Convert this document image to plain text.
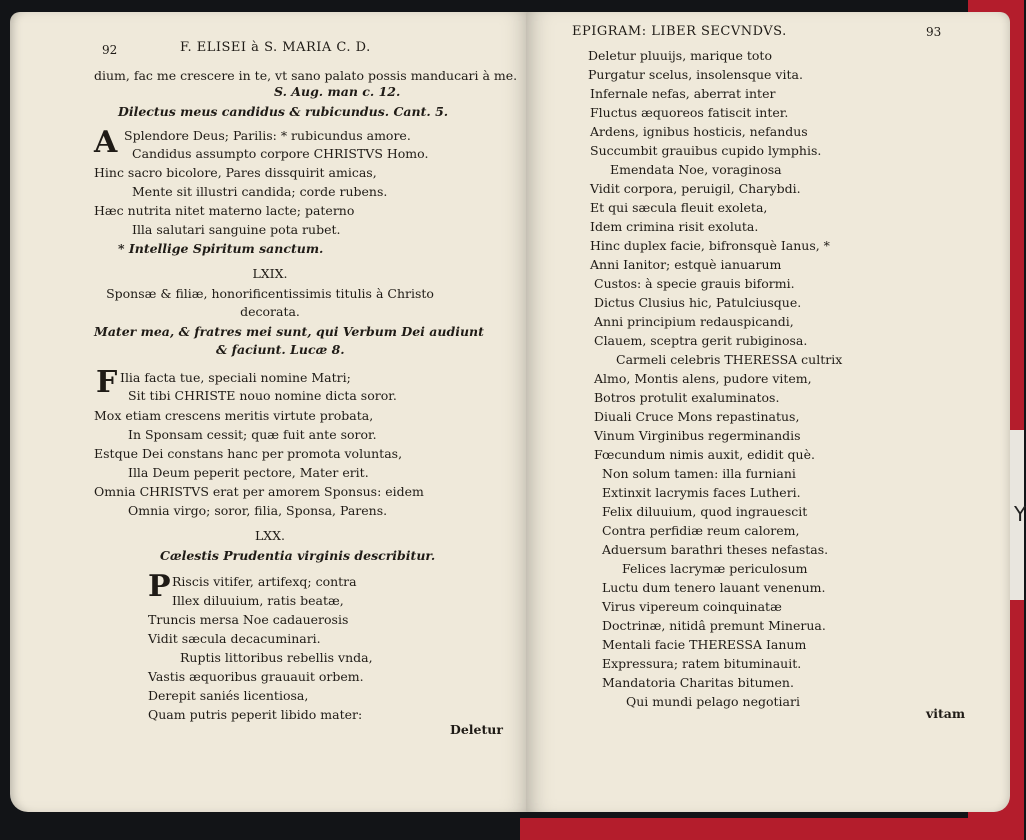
Y
92	F. ELISEI à S. MARIA C. D.
dium, fac me crescere in te, vt sano palato possis manducari à me.
S. Aug. man c. 12.
Dilectus meus candidus & rubicundus. Cant. 5.
A Splendore Deus; Parilis: * rubicundus amore.
Candidus assumpto corpore CHRISTVS Homo.
Hinc sacro bicolore, Pares dissquirit amicas,
Mente sit illustri candida; corde rubens.
Hæc nutrita nitet materno lacte; paterno
Illa salutari sanguine pota rubet.
* Intellige Spiritum sanctum.
LXIX.
Sponsæ & filiæ, honorificentissimis titulis à Christo
decorata.
Mater mea, & fratres mei sunt, qui Verbum Dei audiunt
& faciunt. Lucæ 8.
F Ilia facta tue, speciali nomine Matri;
Sit tibi CHRISTE nouo nomine dicta soror.
Mox etiam crescens meritis virtute probata,
In Sponsam cessit; quæ fuit ante soror.
Estque Dei constans hanc per promota voluntas,
Illa Deum peperit pectore, Mater erit.
Omnia CHRISTVS erat per amorem Sponsus: eidem
Omnia virgo; soror, filia, Sponsa, Parens.
LXX.
Cælestis Prudentia virginis describitur.
P Riscis vitifer, artifexq; contra
Illex diluuium, ratis beatæ,
Truncis mersa Noe cadauerosis
Vidit sæcula decacuminari.
Ruptis littoribus rebellis vnda,
Vastis æquoribus grauauit orbem.
Derepit saniés licentiosa,
Quam putris peperit libido mater:
Deletur
EPIGRAM: LIBER SECVNDVS.	93
Deletur pluuijs, marique toto
Purgatur scelus, insolensque vita.
Infernale nefas, aberrat inter
Fluctus æquoreos fatiscit inter.
Ardens, ignibus hosticis, nefandus
Succumbit grauibus cupido lymphis.
Emendata Noe, voraginosa
Vidit corpora, peruigil, Charybdi.
Et qui sæcula fleuit exoleta,
Idem crimina risit exoluta.
Hinc duplex facie, bifronsquè Ianus, *
Anni Ianitor; estquè ianuarum
Custos: à specie grauis biformi.
Dictus Clusius hic, Patulciusque.
Anni principium redauspicandi,
Clauem, sceptra gerit rubiginosa.
Carmeli celebris THERESSA cultrix
Almo, Montis alens, pudore vitem,
Botros protulit exaluminatos.
Diuali Cruce Mons repastinatus,
Vinum Virginibus regerminandis
Fœcundum nimis auxit, edidit què.
Non solum tamen: illa furniani
Extinxit lacrymis faces Lutheri.
Felix diluuium, quod ingrauescit
Contra perfidiæ reum calorem,
Aduersum barathri theses nefastas.
Felices lacrymæ periculosum
Luctu dum tenero lauant venenum.
Virus vipereum coinquinatæ
Doctrinæ, nitidâ premunt Minerua.
Mentali facie THERESSA Ianum
Expressura; ratem bituminauit.
Mandatoria Charitas bitumen.
Qui mundi pelago negotiari
vitam
